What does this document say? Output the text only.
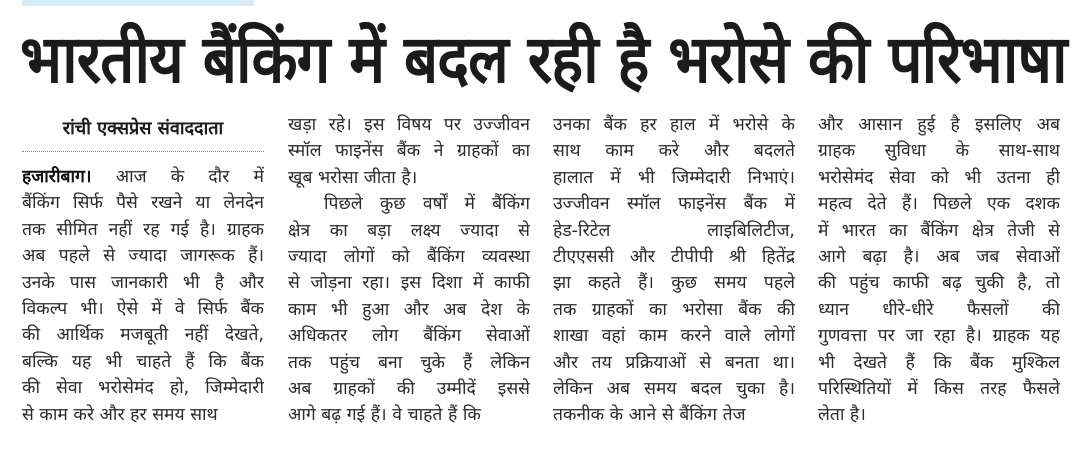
भारतीय बैंकिंग में बदल रही है भरोसे की परिभाषा
रांची एक्सप्रेस संवाददाता
हजारीबाग। आज के दौर में
बैंकिंग सिर्फ पैसे रखने या लेनदेन
तक सीमित नहीं रह गई है। ग्राहक
अब पहले से ज्यादा जागरूक हैं।
उनके पास जानकारी भी है और
विकल्प भी। ऐसे में वे सिर्फ बैंक
की आर्थिक मजबूती नहीं देखते,
बल्कि यह भी चाहते हैं कि बैंक
की सेवा भरोसेमंद हो, जिम्मेदारी
से काम करे और हर समय साथ
खड़ा रहे। इस विषय पर उज्जीवन
स्मॉल फाइनेंस बैंक ने ग्राहकों का
खूब भरोसा जीता है।
पिछले कुछ वर्षों में बैंकिंग
क्षेत्र का बड़ा लक्ष्य ज्यादा से
ज्यादा लोगों को बैंकिंग व्यवस्था
से जोड़ना रहा। इस दिशा में काफी
काम भी हुआ और अब देश के
अधिकतर लोग बैंकिंग सेवाओं
तक पहुंच बना चुके हैं लेकिन
अब ग्राहकों की उम्मीदें इससे
आगे बढ़ गई हैं। वे चाहते हैं कि
उनका बैंक हर हाल में भरोसे के
साथ काम करे और बदलते
हालात में भी जिम्मेदारी निभाएं।
उज्जीवन स्मॉल फाइनेंस बैंक में
हेड-रिटेल लाइबिलिटीज,
टीएएससी और टीपीपी श्री हितेंद्र
झा कहते हैं। कुछ समय पहले
तक ग्राहकों का भरोसा बैंक की
शाखा वहां काम करने वाले लोगों
और तय प्रक्रियाओं से बनता था।
लेकिन अब समय बदल चुका है।
तकनीक के आने से बैंकिंग तेज
और आसान हुई है इसलिए अब
ग्राहक सुविधा के साथ-साथ
भरोसेमंद सेवा को भी उतना ही
महत्व देते हैं। पिछले एक दशक
में भारत का बैंकिंग क्षेत्र तेजी से
आगे बढ़ा है। अब जब सेवाओं
की पहुंच काफी बढ़ चुकी है, तो
ध्यान धीरे-धीरे फैसलों की
गुणवत्ता पर जा रहा है। ग्राहक यह
भी देखते हैं कि बैंक मुश्किल
परिस्थितियों में किस तरह फैसले
लेता है।
